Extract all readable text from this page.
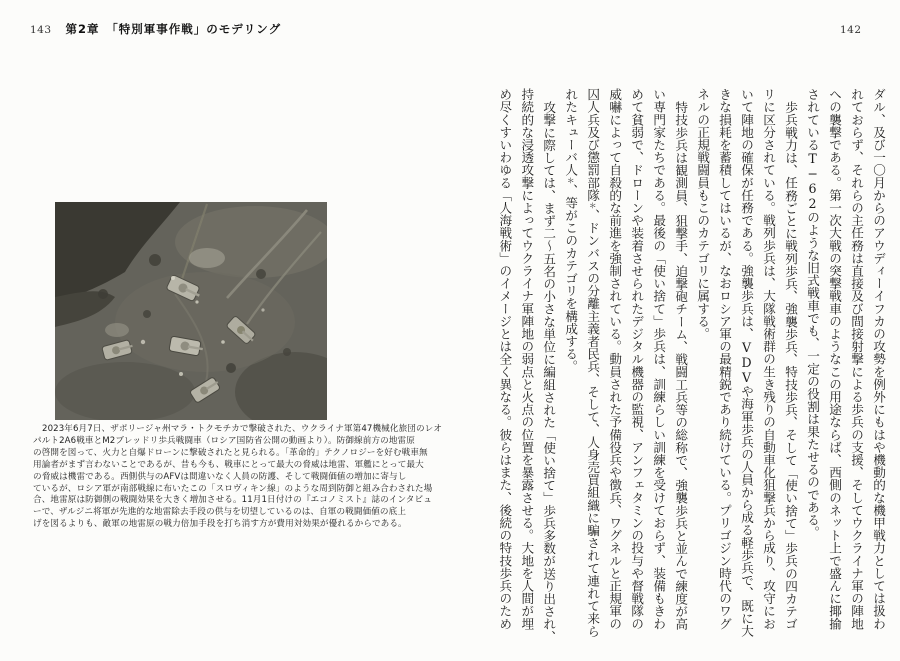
143 第2章　「特別軍事作戦」のモデリング
2023年6月7日、ザポリージャ州マラ・トクモチカで撃破された、ウクライナ軍第47機械化旅団のレオ
パルト2A6戦車とM2ブレッドリ歩兵戦闘車（ロシア国防省公開の動画より）。防御線前方の地雷原
の啓開を図って、火力と自爆ドローンに撃破されたと見られる。「革命的」テクノロジーを好む戦車無
用論者がまず言わないことであるが、昔も今も、戦車にとって最大の脅威は地雷、軍艦にとって最大
の脅威は機雷である。西側供与のAFVは間違いなく人員の防護、そして戦闘価値の増加に寄与し
ているが、ロシア軍が南部戦線に布いたこの「スロヴィキン線」のような周到防御と組み合わされた場
合、地雷原は防御側の戦闘効果を大きく増加させる。11月1日付けの『エコノミスト』誌のインタビュ
ーで、ザルジニ将軍が先進的な地雷除去手段の供与を切望しているのは、自軍の戦闘価値の底上
げを図るよりも、敵軍の地雷原の戦力倍加手段を打ち消す方が費用対効果が優れるからである。
142
ダル、及び一〇月からのアウディーイフカの攻勢を例外にもはや機動的な機甲戦力としては扱わ
れておらず、それらの主任務は直接及び間接射撃による歩兵の支援、そしてウクライナ軍の陣地
への襲撃である。第一次大戦の突撃戦車のようなこの用途ならば、西側のネット上で盛んに揶揄
されているT−62のような旧式戦車でも、一定の役割は果たせるのである。
歩兵戦力は、任務ごとに戦列歩兵、強襲歩兵、特技歩兵、そして「使い捨て」歩兵の四カテゴ
リに区分されている。戦列歩兵は、大隊戦術群の生き残りの自動車化狙撃兵から成り、攻守にお
いて陣地の確保が任務である。強襲歩兵は、VDVや海軍歩兵の人員から成る軽歩兵で、既に大
きな損耗を蓄積してはいるが、なおロシア軍の最精鋭であり続けている。プリゴジン時代のワグ
ネルの正規戦闘員もこのカテゴリに属する。
特技歩兵は観測員、狙撃手、迫撃砲チーム、戦闘工兵等の総称で、強襲歩兵と並んで練度が高
い専門家たちである。最後の「使い捨て」歩兵は、訓練らしい訓練を受けておらず、装備もきわ
めて貧弱で、ドローンや装着させられたデジタル機器の監視、アンフェタミンの投与や督戦隊の
威嚇によって自殺的な前進を強制されている。動員された予備役兵や徴兵、ワグネルと正規軍の
囚人兵及び懲罰部隊＊、ドンバスの分離主義者民兵、そして、人身売買組織に騙されて連れて来ら
れたキューバ人＊、等がこのカテゴリを構成する。
攻撃に際しては、まず二〜五名の小さな単位に編組された「使い捨て」歩兵多数が送り出され、
持続的な浸透攻撃によってウクライナ軍陣地の弱点と火点の位置を暴露させる。大地を人間が埋
め尽くすいわゆる「人海戦術」のイメージとは全く異なる。彼らはまた、後続の特技歩兵のため
